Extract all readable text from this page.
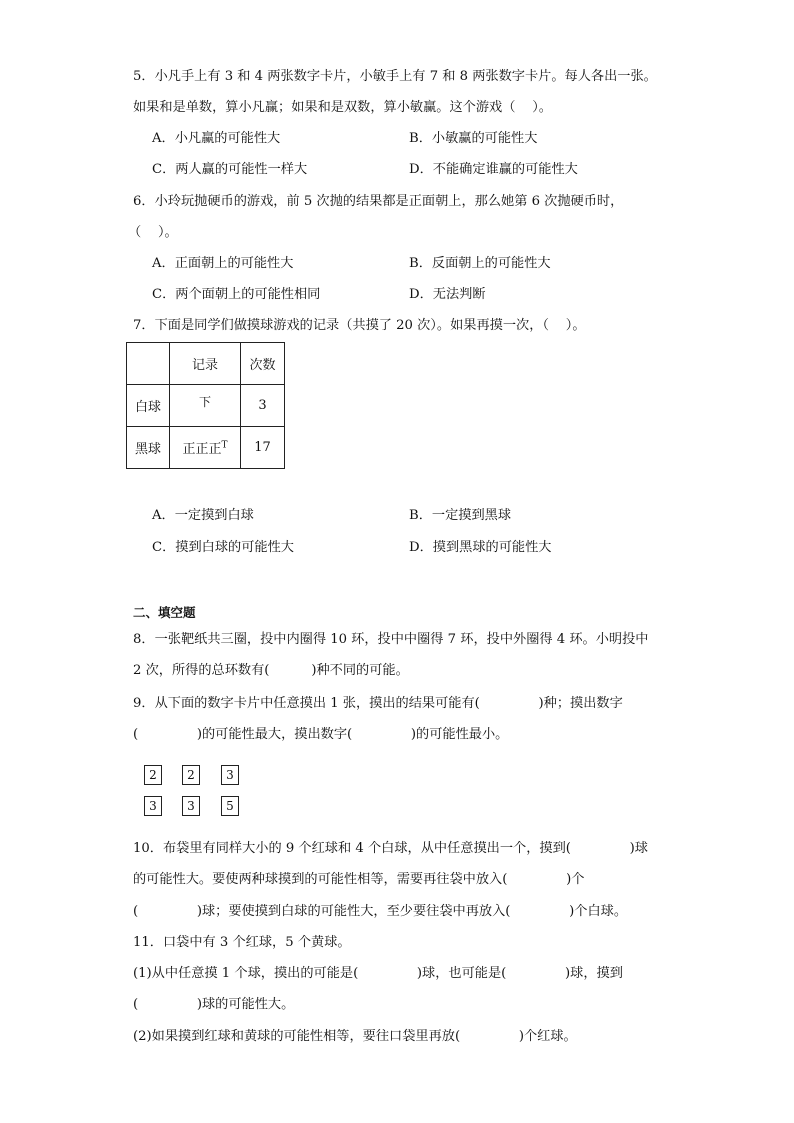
5．小凡手上有 3 和 4 两张数字卡片，小敏手上有 7 和 8 两张数字卡片。每人各出一张。
如果和是单数，算小凡赢；如果和是双数，算小敏赢。这个游戏（    ）。
A．小凡赢的可能性大	B．小敏赢的可能性大
C．两人赢的可能性一样大	D．不能确定谁赢的可能性大
6．小玲玩抛硬币的游戏，前 5 次抛的结果都是正面朝上，那么她第 6 次抛硬币时，
（    ）。
A．正面朝上的可能性大	B．反面朝上的可能性大
C．两个面朝上的可能性相同	D．无法判断
7．下面是同学们做摸球游戏的记录（共摸了 20 次）。如果再摸一次，（    ）。
	记录	次数
白球	下	3
黑球	正正正$^T$	17
A．一定摸到白球	B．一定摸到黑球
C．摸到白球的可能性大	D．摸到黑球的可能性大
二、填空题
8．一张靶纸共三圈，投中内圈得 10 环，投中中圈得 7 环，投中外圈得 4 环。小明投中
2 次，所得的总环数有(          )种不同的可能。
9．从下面的数字卡片中任意摸出 1 张，摸出的结果可能有(              )种；摸出数字
(              )的可能性最大，摸出数字(              )的可能性最小。
2	2	3
3	3	5
10．布袋里有同样大小的 9 个红球和 4 个白球，从中任意摸出一个，摸到(              )球
的可能性大。要使两种球摸到的可能性相等，需要再往袋中放入(              )个
(              )球；要使摸到白球的可能性大，至少要往袋中再放入(              )个白球。
11．口袋中有 3 个红球，5 个黄球。
(1)从中任意摸 1 个球，摸出的可能是(              )球，也可能是(              )球，摸到
(              )球的可能性大。
(2)如果摸到红球和黄球的可能性相等，要往口袋里再放(              )个红球。
